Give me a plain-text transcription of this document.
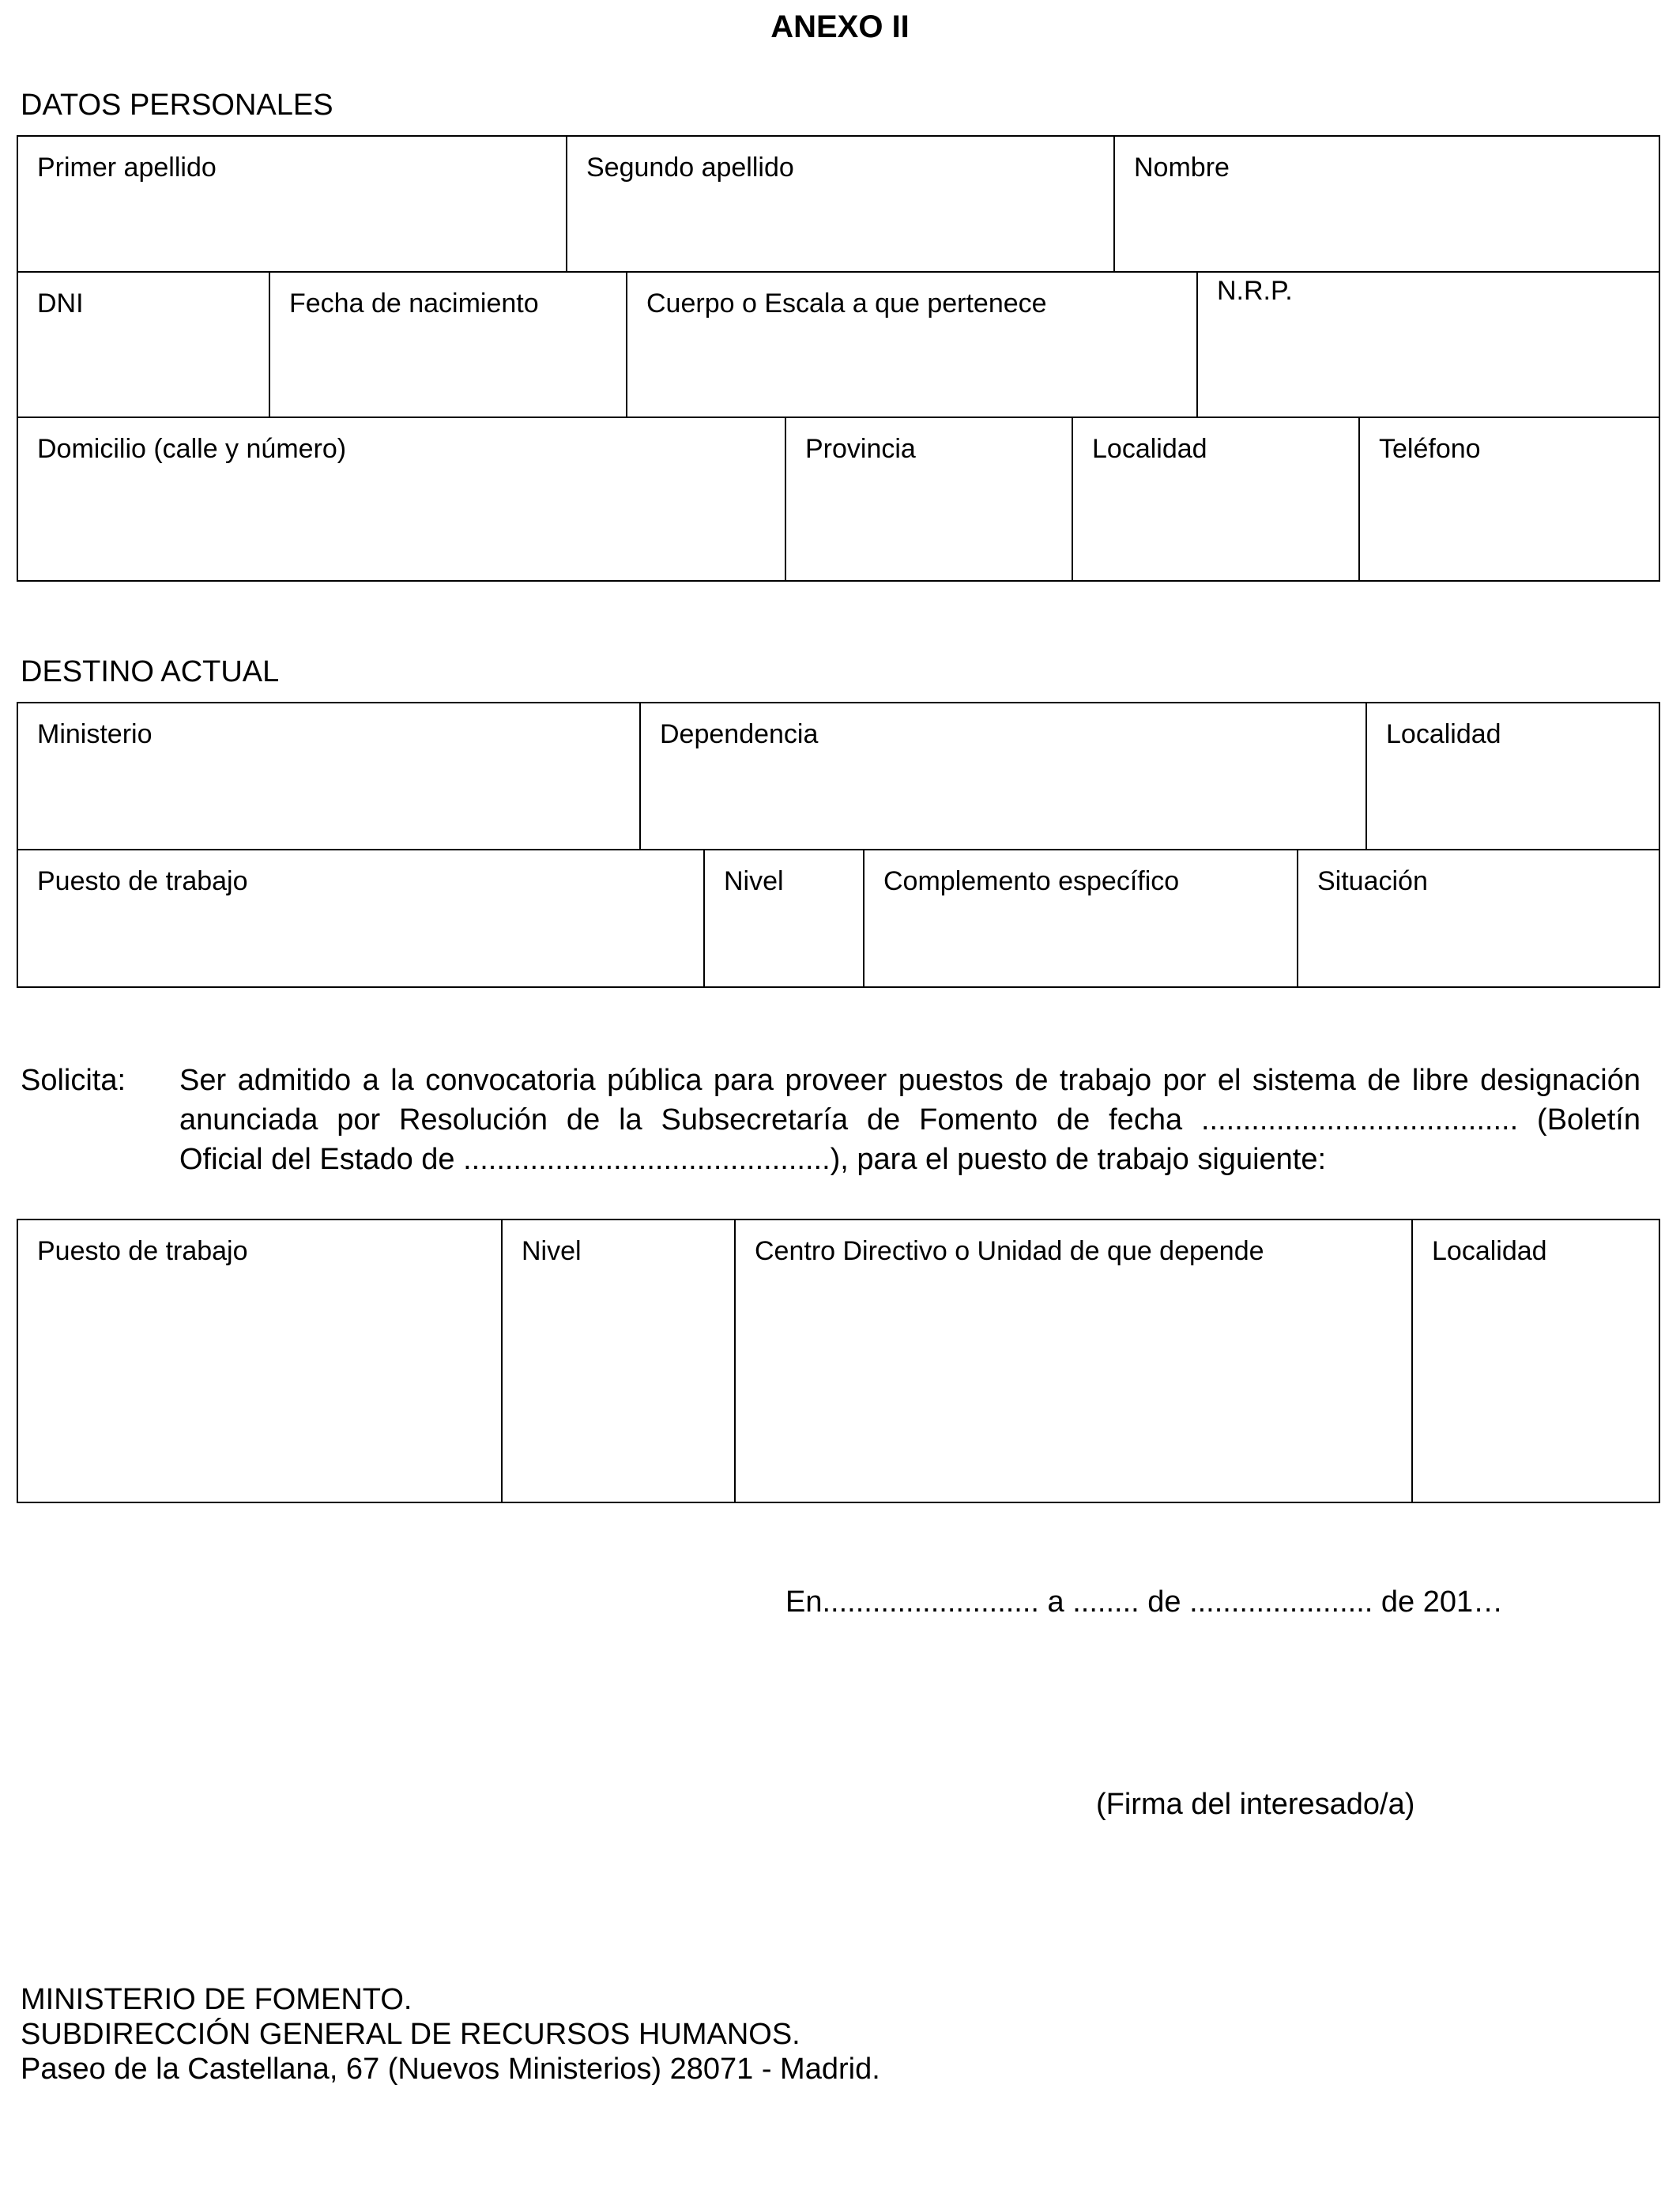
ANEXO II
DATOS PERSONALES
Primer apellido	Segundo apellido	Nombre
DNI	Fecha de nacimiento	Cuerpo o Escala a que pertenece	N.R.P.
Domicilio (calle y número)	Provincia	Localidad	Teléfono
DESTINO ACTUAL
Ministerio	Dependencia	Localidad
Puesto de trabajo	Nivel	Complemento específico	Situación
Solicita: Ser admitido a la convocatoria pública para proveer puestos de trabajo por el sistema de libre designación
anunciada por Resolución de la Subsecretaría de Fomento de fecha ...................................... (Boletín
Oficial del Estado de ............................................), para el puesto de trabajo siguiente:
Puesto de trabajo	Nivel	Centro Directivo o Unidad de que depende	Localidad
En.......................... a ........ de ...................... de 201…
(Firma del interesado/a)
MINISTERIO DE FOMENTO.
SUBDIRECCIÓN GENERAL DE RECURSOS HUMANOS.
Paseo de la Castellana, 67 (Nuevos Ministerios) 28071 - Madrid.
